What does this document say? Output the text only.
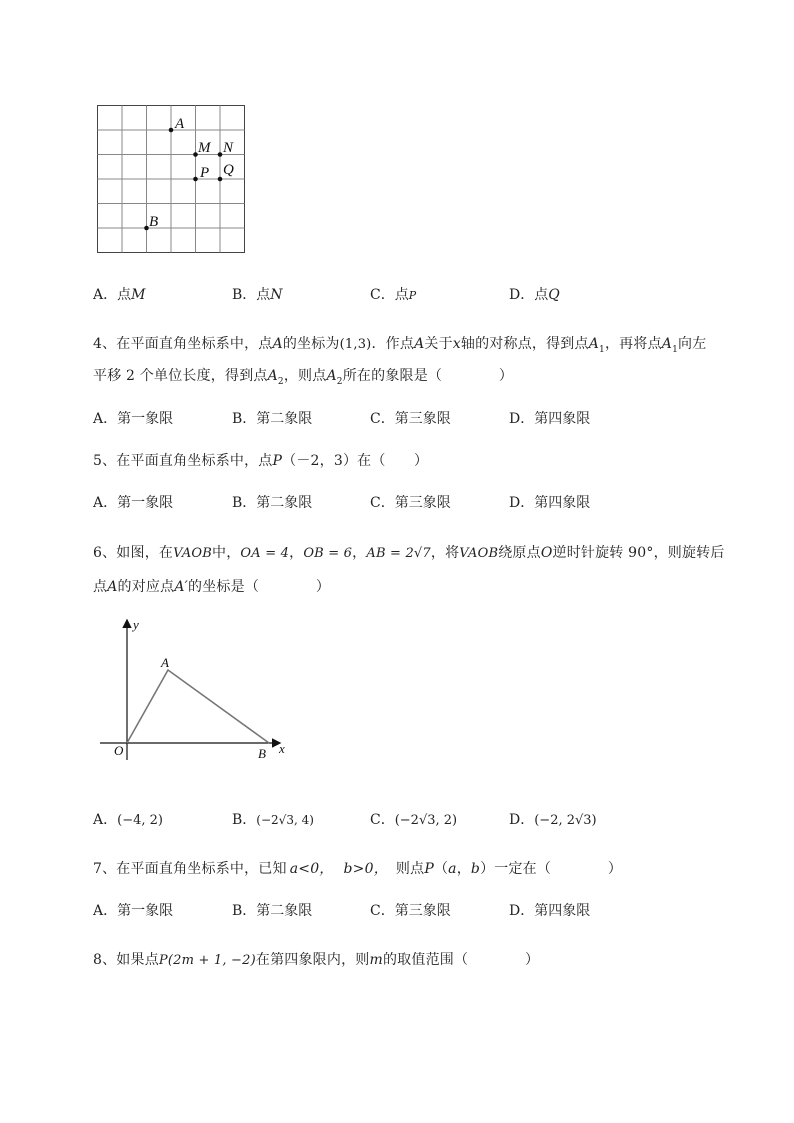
A
M N
P Q
B
A．点M	B．点N	C．点P	D．点Q
4、在平面直角坐标系中，点A的坐标为(1,3)．作点A关于x轴的对称点，得到点$A_1$，再将点$A_1$向左
平移 2 个单位长度，得到点$A_2$，则点$A_2$所在的象限是（　　　　）
A．第一象限	B．第二象限	C．第三象限	D．第四象限
5、在平面直角坐标系中，点P（－2，3）在（　　）
A．第一象限	B．第二象限	C．第三象限	D．第四象限
6、如图，在VAOB中，OA = 4，OB = 6，AB = 2√7，将VAOB绕原点O逆时针旋转 90°，则旋转后
点A的对应点A′的坐标是（　　　　）
y
A
O	B x
A．(−4, 2)	B．(−2√3, 4)	C．(−2√3, 2)	D．(−2, 2√3)
7、在平面直角坐标系中，已知 a<0， b>0， 则点P（a，b）一定在（　　　　）
A．第一象限	B．第二象限	C．第三象限	D．第四象限
8、如果点P(2m + 1, −2)在第四象限内，则m的取值范围（　　　　）
